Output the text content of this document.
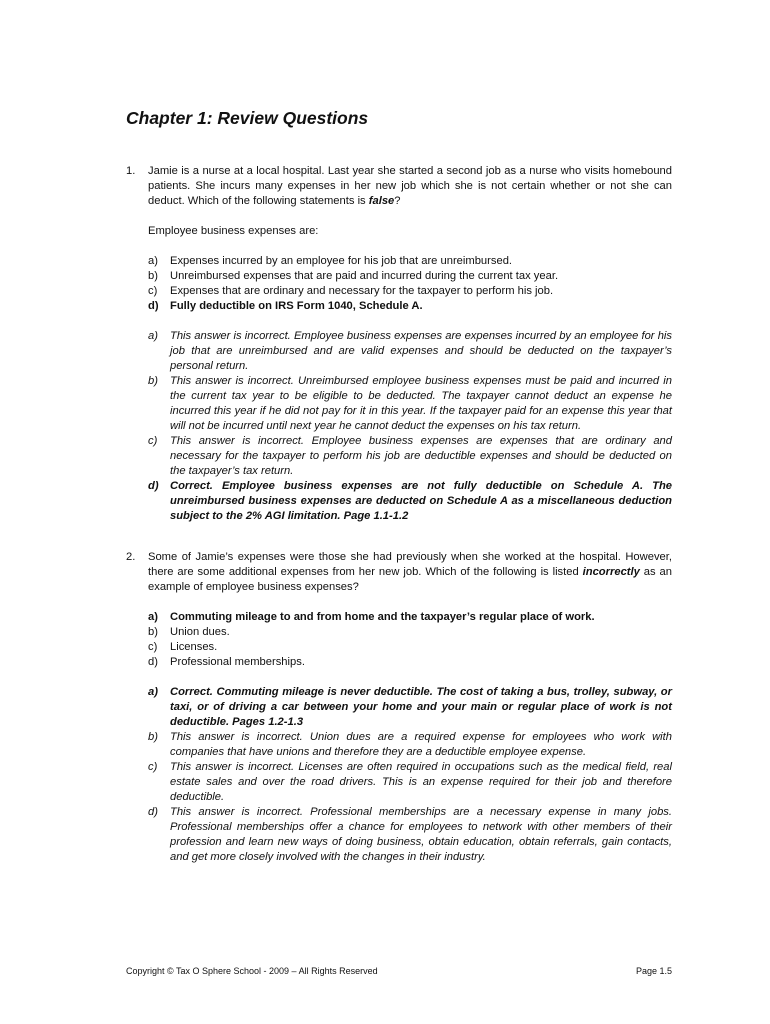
Chapter 1: Review Questions
1. Jamie is a nurse at a local hospital. Last year she started a second job as a nurse who visits homebound patients. She incurs many expenses in her new job which she is not certain whether or not she can deduct. Which of the following statements is false?

Employee business expenses are:

a) Expenses incurred by an employee for his job that are unreimbursed.
b) Unreimbursed expenses that are paid and incurred during the current tax year.
c) Expenses that are ordinary and necessary for the taxpayer to perform his job.
d) Fully deductible on IRS Form 1040, Schedule A.
a) This answer is incorrect. Employee business expenses are expenses incurred by an employee for his job that are unreimbursed and are valid expenses and should be deducted on the taxpayer’s personal return.
b) This answer is incorrect. Unreimbursed employee business expenses must be paid and incurred in the current tax year to be eligible to be deducted. The taxpayer cannot deduct an expense he incurred this year if he did not pay for it in this year. If the taxpayer paid for an expense this year that will not be incurred until next year he cannot deduct the expenses on his tax return.
c) This answer is incorrect. Employee business expenses are expenses that are ordinary and necessary for the taxpayer to perform his job are deductible expenses and should be deducted on the taxpayer’s tax return.
d) Correct. Employee business expenses are not fully deductible on Schedule A. The unreimbursed business expenses are deducted on Schedule A as a miscellaneous deduction subject to the 2% AGI limitation. Page 1.1-1.2
2. Some of Jamie’s expenses were those she had previously when she worked at the hospital. However, there are some additional expenses from her new job. Which of the following is listed incorrectly as an example of employee business expenses?

a) Commuting mileage to and from home and the taxpayer’s regular place of work.
b) Union dues.
c) Licenses.
d) Professional memberships.
a) Correct. Commuting mileage is never deductible. The cost of taking a bus, trolley, subway, or taxi, or of driving a car between your home and your main or regular place of work is not deductible. Pages 1.2-1.3
b) This answer is incorrect. Union dues are a required expense for employees who work with companies that have unions and therefore they are a deductible employee expense.
c) This answer is incorrect. Licenses are often required in occupations such as the medical field, real estate sales and over the road drivers. This is an expense required for their job and therefore deductible.
d) This answer is incorrect. Professional memberships are a necessary expense in many jobs. Professional memberships offer a chance for employees to network with other members of their profession and learn new ways of doing business, obtain education, obtain referrals, gain contacts, and get more closely involved with the changes in their industry.
Copyright © Tax O Sphere School - 2009 – All Rights Reserved	Page 1.5
